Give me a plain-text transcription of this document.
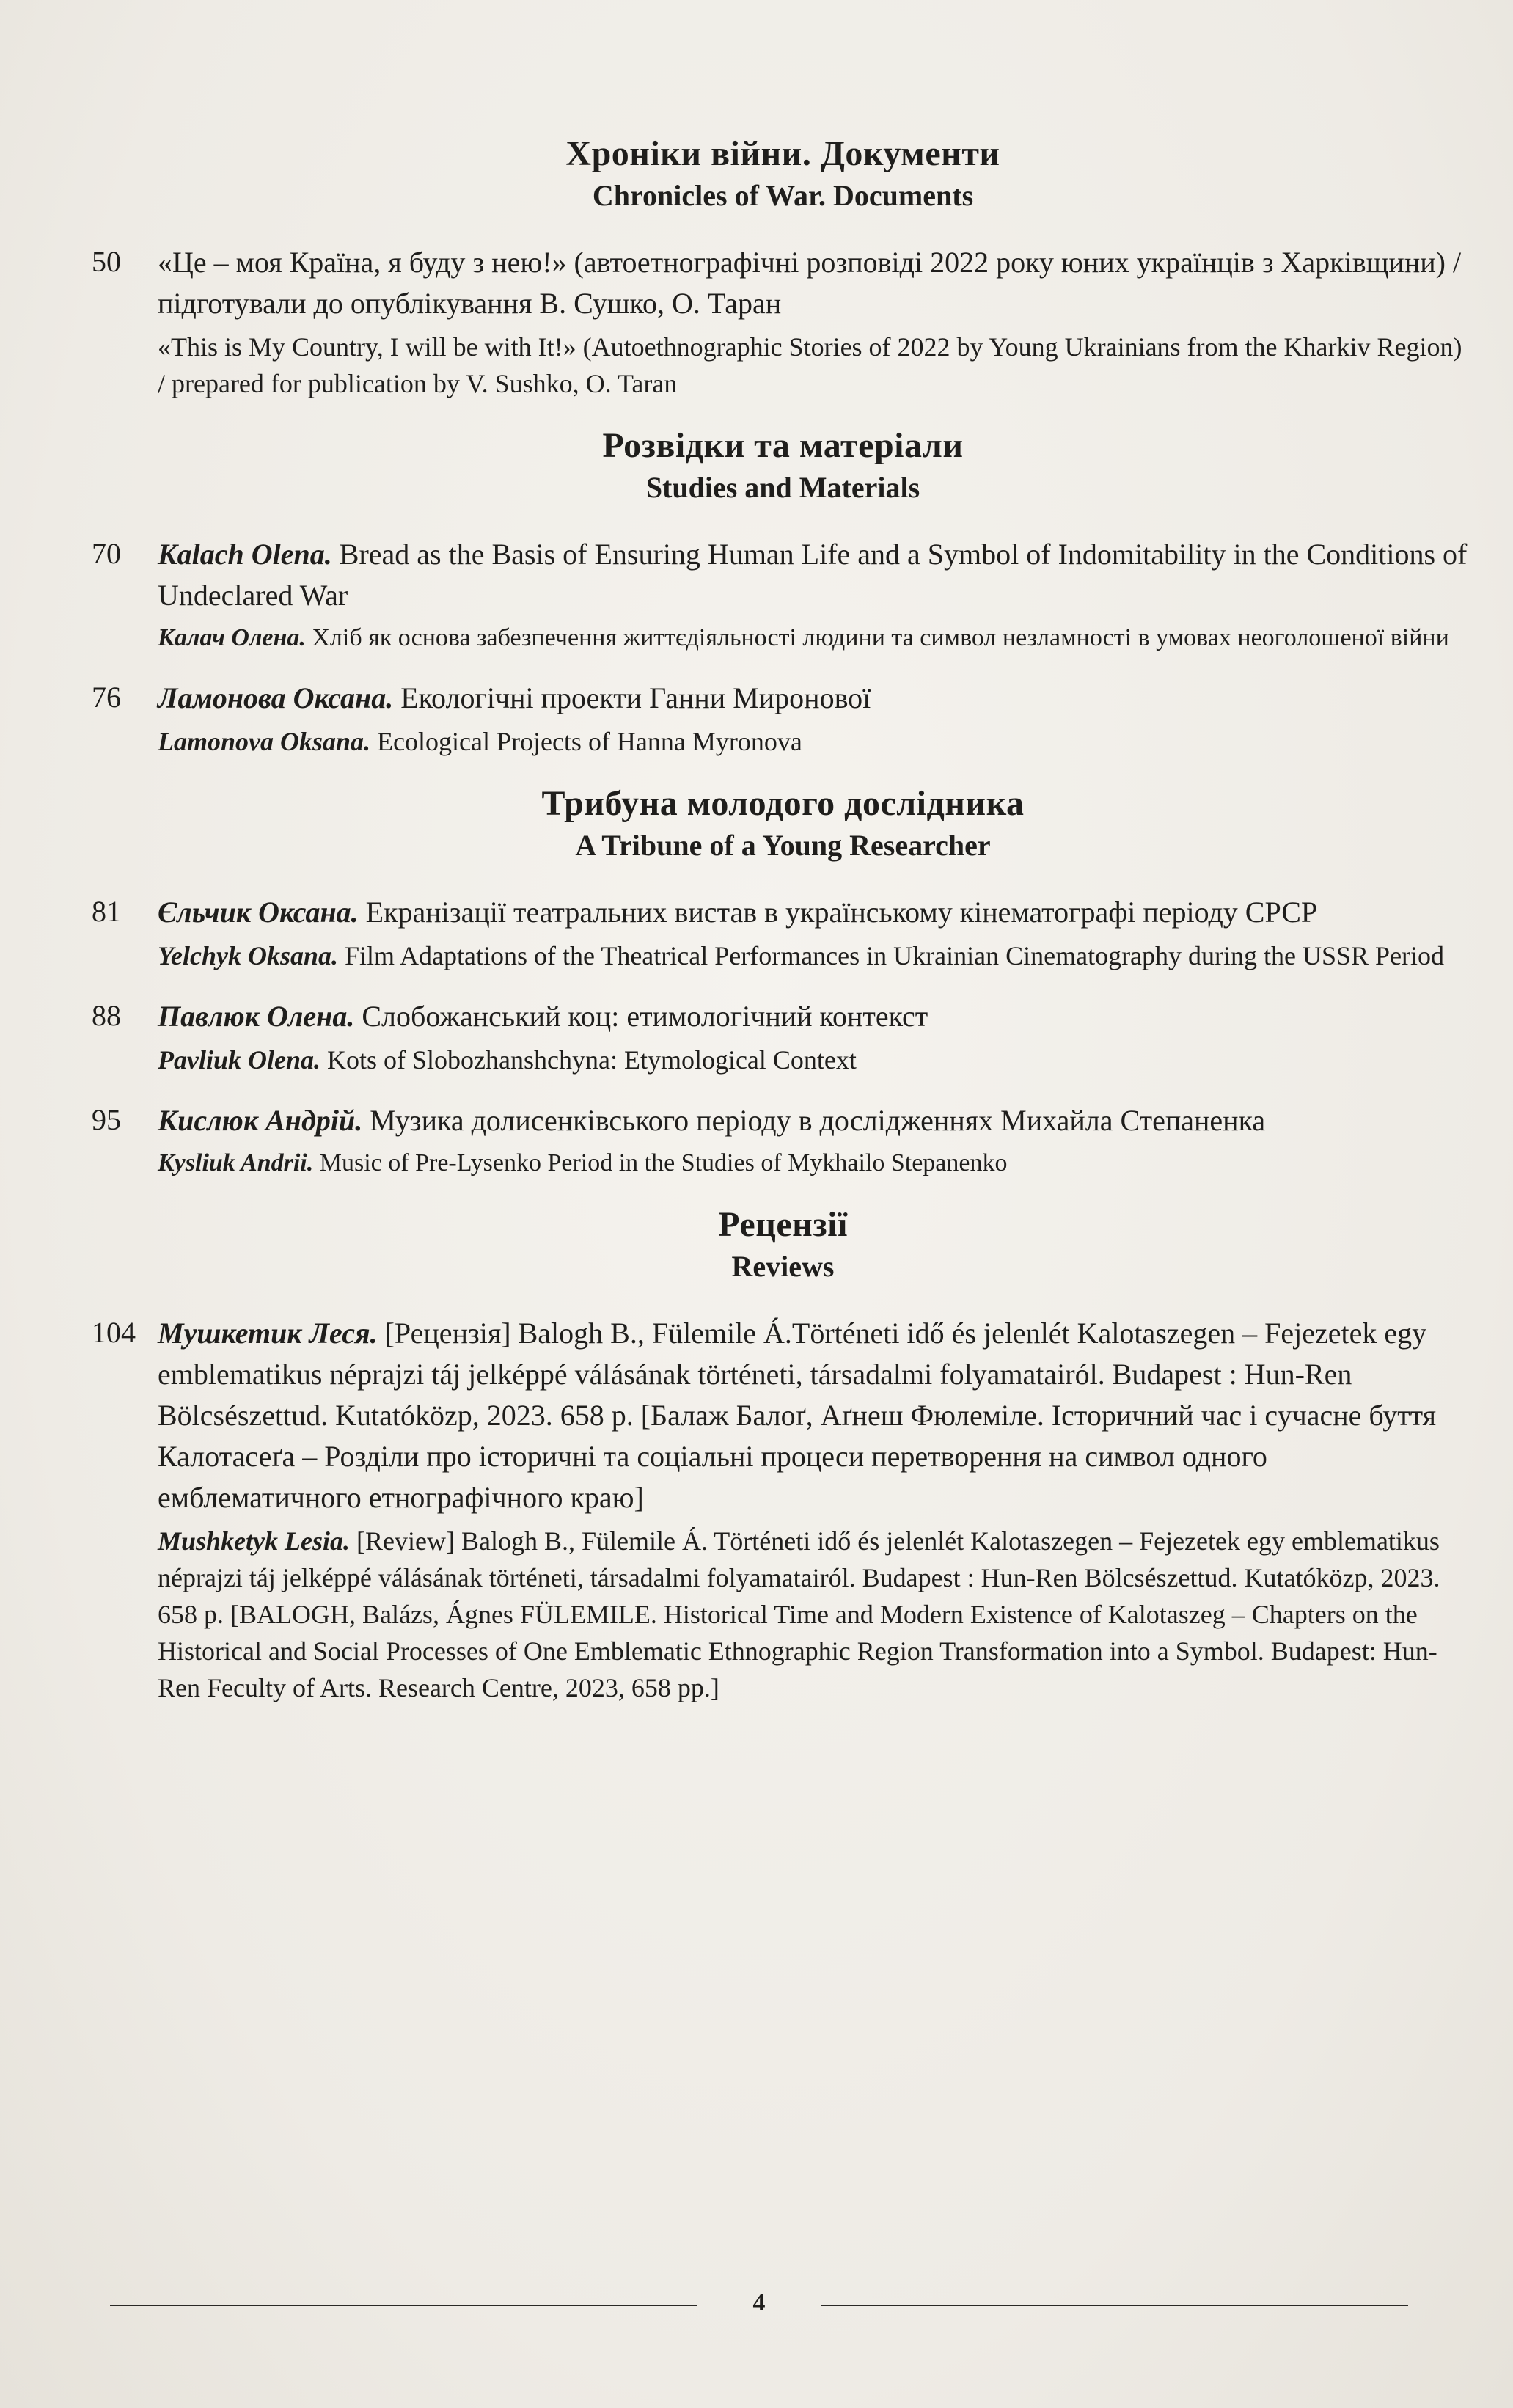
Хроніки війни. Документи
Chronicles of War. Documents
50	«Це – моя Країна, я буду з нею!» (автоетнографічні розповіді 2022 року юних українців з Харківщини) / підготували до опублікування В. Сушко, О. Таран
«This is My Country, I will be with It!» (Autoethnographic Stories of 2022 by Young Ukrainians from the Kharkiv Region) / prepared for publication by V. Sushko, O. Taran
Розвідки та матеріали
Studies and Materials
70	Kalach Olena. Bread as the Basis of Ensuring Human Life and a Symbol of Indomitability in the Conditions of Undeclared War
Калач Олена. Хліб як основа забезпечення життєдіяльності людини та символ незламності в умовах неоголошеної війни
76	Ламонова Оксана. Екологічні проекти Ганни Миронової
Lamonova Oksana. Ecological Projects of Hanna Myronova
Трибуна молодого дослідника
A Tribune of a Young Researcher
81	Єльчик Оксана. Екранізації театральних вистав в українському кінематографі періоду СРСР
Yelchyk Oksana. Film Adaptations of the Theatrical Performances in Ukrainian Cinematography during the USSR Period
88	Павлюк Олена. Слобожанський коц: етимологічний контекст
Pavliuk Olena. Kots of Slobozhanshchyna: Etymological Context
95	Кислюк Андрій. Музика долисенківського періоду в дослідженнях Михайла Степаненка
Kysliuk Andrii. Music of Pre-Lysenko Period in the Studies of Mykhailo Stepanenko
Рецензії
Reviews
104 Мушкетик Леся. [Рецензія] Balogh B., Fülemile Á.Történeti idő és jelenlét Kalotaszegen – Fejezetek egy emblematikus néprajzi táj jelképpé válásának történeti, társadalmi folyamatairól. Budapest : Hun-Ren Bölcsészettud. Kutatóközp, 2023. 658 p. [Балаж Балоґ, Аґнеш Фюлеміле. Історичний час і сучасне буття Калотасеґа – Розділи про історичні та соціальні процеси перетворення на символ одного емблематичного етнографічного краю]
Mushketyk Lesia. [Review] Balogh B., Fülemile Á. Történeti idő és jelenlét Kalotaszegen – Fejezetek egy emblematikus néprajzi táj jelképpé válásának történeti, társadalmi folyamatairól. Budapest : Hun-Ren Bölcsészettud. Kutatóközp, 2023. 658 p. [BALOGH, Balázs, Ágnes FÜLEMILE. Historical Time and Modern Existence of Kalotaszeg – Chapters on the Historical and Social Processes of One Emblematic Ethnographic Region Transformation into a Symbol. Budapest: Hun-Ren Feculty of Arts. Research Centre, 2023, 658 pp.]
4
